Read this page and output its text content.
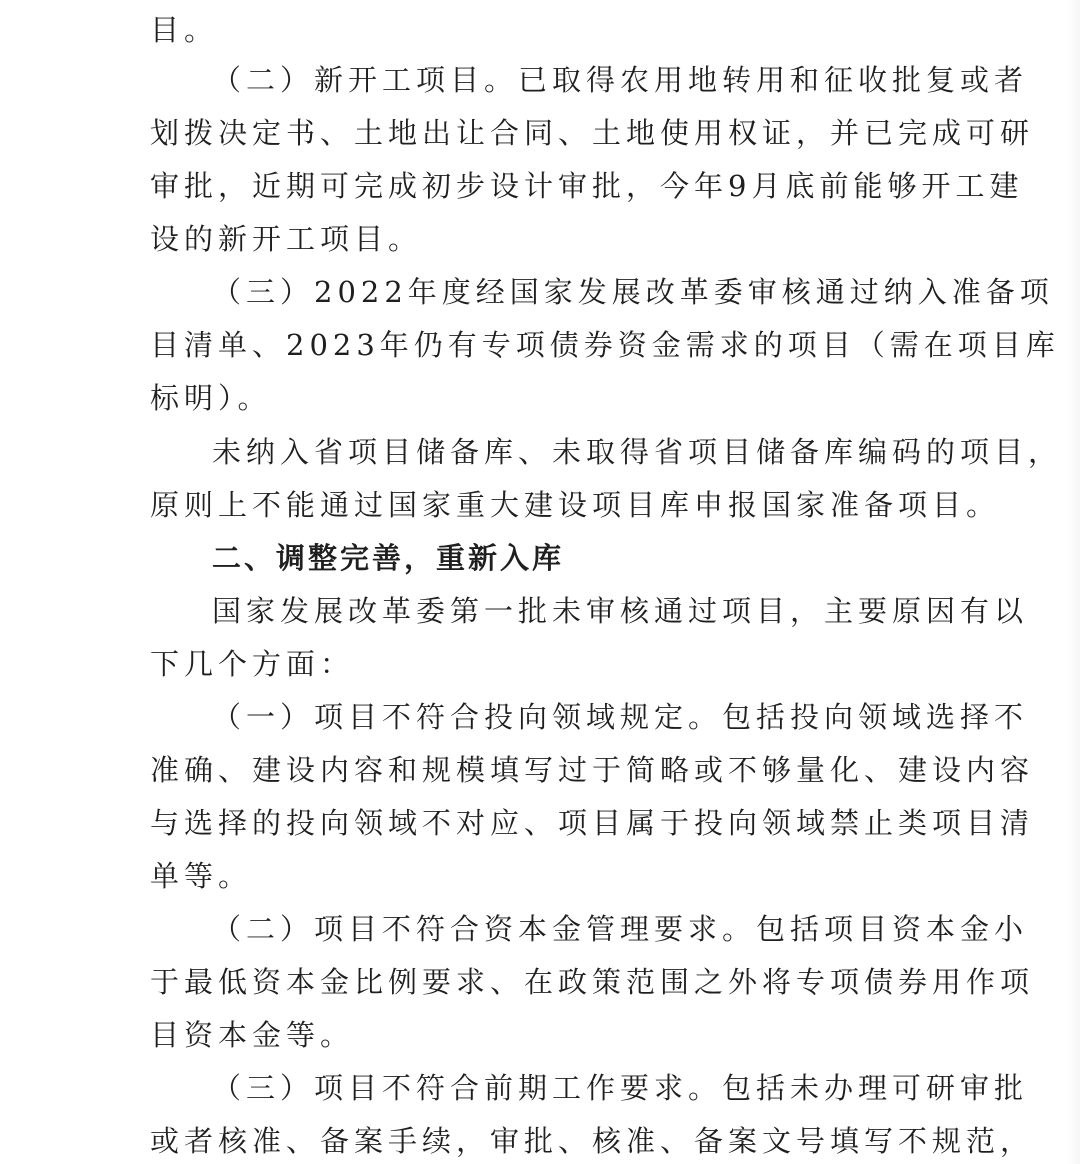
目。
（二）新开工项目。已取得农用地转用和征收批复或者
划拨决定书、土地出让合同、土地使用权证，并已完成可研
审批，近期可完成初步设计审批，今年9月底前能够开工建
设的新开工项目。
（三）2022年度经国家发展改革委审核通过纳入准备项
目清单、2023年仍有专项债券资金需求的项目（需在项目库
标明）。
未纳入省项目储备库、未取得省项目储备库编码的项目，
原则上不能通过国家重大建设项目库申报国家准备项目。
二、调整完善，重新入库
国家发展改革委第一批未审核通过项目，主要原因有以
下几个方面：
（一）项目不符合投向领域规定。包括投向领域选择不
准确、建设内容和规模填写过于简略或不够量化、建设内容
与选择的投向领域不对应、项目属于投向领域禁止类项目清
单等。
（二）项目不符合资本金管理要求。包括项目资本金小
于最低资本金比例要求、在政策范围之外将专项债券用作项
目资本金等。
（三）项目不符合前期工作要求。包括未办理可研审批
或者核准、备案手续，审批、核准、备案文号填写不规范，
